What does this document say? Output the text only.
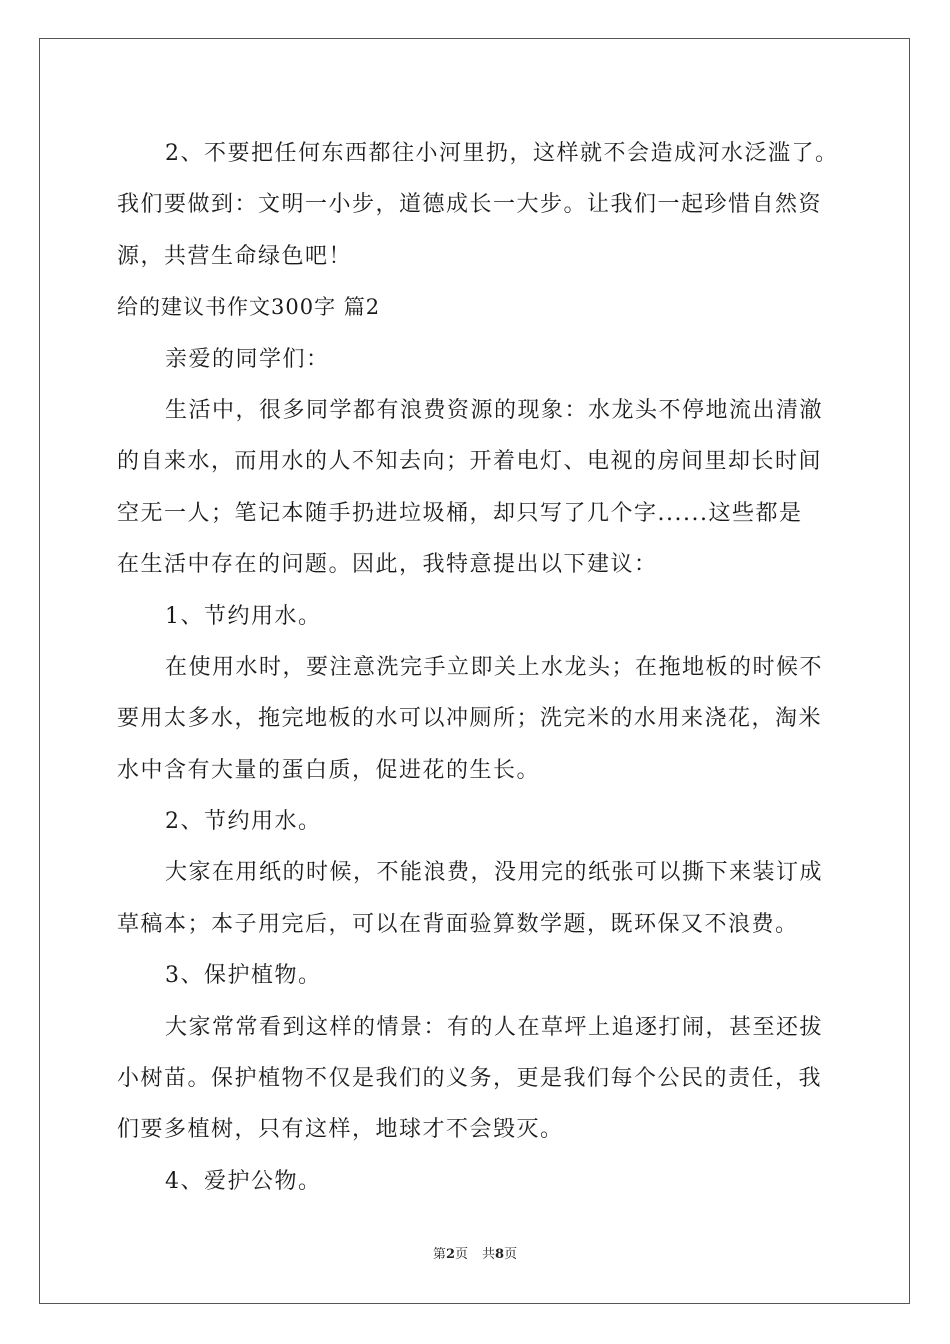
2、不要把任何东西都往小河里扔，这样就不会造成河水泛滥了。
我们要做到：文明一小步，道德成长一大步。让我们一起珍惜自然资
源，共营生命绿色吧！
给的建议书作文300字 篇2
亲爱的同学们：
生活中，很多同学都有浪费资源的现象：水龙头不停地流出清澈
的自来水，而用水的人不知去向；开着电灯、电视的房间里却长时间
空无一人；笔记本随手扔进垃圾桶，却只写了几个字......这些都是
在生活中存在的问题。因此，我特意提出以下建议：
1、节约用水。
在使用水时，要注意洗完手立即关上水龙头；在拖地板的时候不
要用太多水，拖完地板的水可以冲厕所；洗完米的水用来浇花，淘米
水中含有大量的蛋白质，促进花的生长。
2、节约用水。
大家在用纸的时候，不能浪费，没用完的纸张可以撕下来装订成
草稿本；本子用完后，可以在背面验算数学题，既环保又不浪费。
3、保护植物。
大家常常看到这样的情景：有的人在草坪上追逐打闹，甚至还拔
小树苗。保护植物不仅是我们的义务，更是我们每个公民的责任，我
们要多植树，只有这样，地球才不会毁灭。
4、爱护公物。
第2页 共8页
